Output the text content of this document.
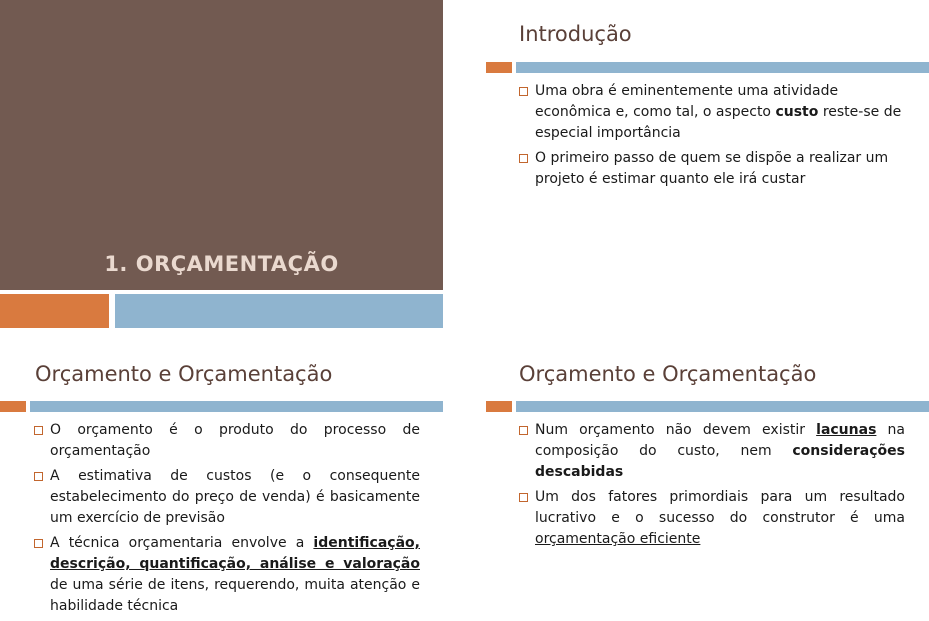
1. ORÇAMENTAÇÃO
Introdução
Uma obra é eminentemente uma atividade econômica e, como tal, o aspecto custo reste-se de especial importância
O primeiro passo de quem se dispõe a realizar um projeto é estimar quanto ele irá custar
Orçamento e Orçamentação
O orçamento é o produto do processo de orçamentação
A estimativa de custos (e o consequente estabelecimento do preço de venda) é basicamente um exercício de previsão
A técnica orçamentaria envolve a identificação, descrição, quantificação, análise e valoração de uma série de itens, requerendo, muita atenção e habilidade técnica
Orçamento e Orçamentação
Num orçamento não devem existir lacunas na composição do custo, nem considerações descabidas
Um dos fatores primordiais para um resultado lucrativo e o sucesso do construtor é uma orçamentação eficiente
